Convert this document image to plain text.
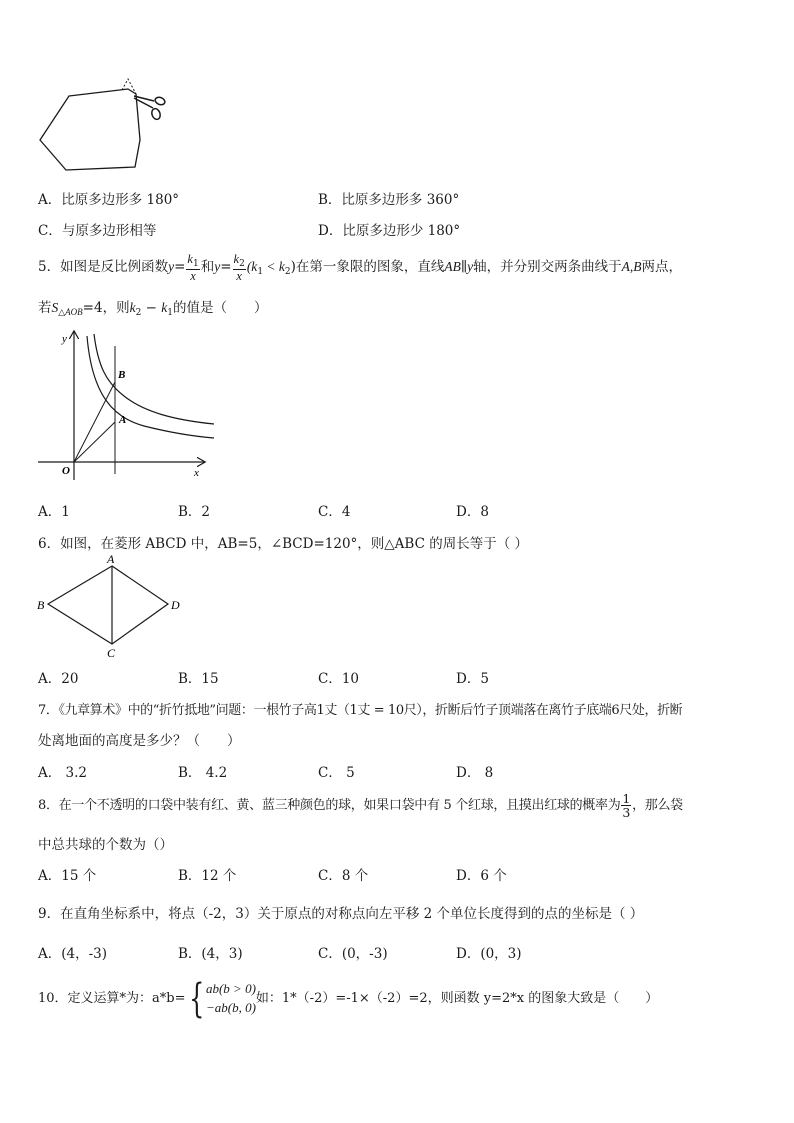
A．比原多边形多 180°	B．比原多边形多 360°
C．与原多边形相等	D．比原多边形少 180°
5．如图是反比例函数$y= \frac{k_1}{x}$ 和$y= \frac{k_2}{x} (k_1 < k_2)$在第一象限的图象，直线AB∥y轴，并分别交两条曲线于A,B两点，
若$S_{\triangle AOB}=4$，则$k_2 - k_1$的值是（　　）
y
x
O
B
A
A．1	B．2	C．4	D．8
6．如图，在菱形 ABCD 中，AB=5，∠BCD=120°，则△ABC 的周长等于（ ）
A
B
C
D
A．20	B．15	C．10	D．5
7．《九章算术》中的“折竹抵地”问题：一根竹子高1丈（1丈 = 10尺），折断后竹子顶端落在离竹子底端6尺处，折断
处离地面的高度是多少？（　　）
A． 3.2	B． 4.2	C． 5	D． 8
8．在一个不透明的口袋中装有红、黄、蓝三种颜色的球，如果口袋中有 5 个红球，且摸出红球的概率为 $\frac{1}{3}$ ，那么袋
中总共球的个数为（）
A．15 个	B．12 个	C．8 个	D．6 个
9．在直角坐标系中，将点（-2，3）关于原点的对称点向左平移 2 个单位长度得到的点的坐标是（ ）
A．(4，-3)	B．(4，3)	C．(0，-3)	D．(0，3)
10．定义运算*为：a*b={ ab(b > 0)
−ab(b, 0)
如：1*（-2）=-1×（-2）=2，则函数 y=2*x 的图象大致是（　　）
